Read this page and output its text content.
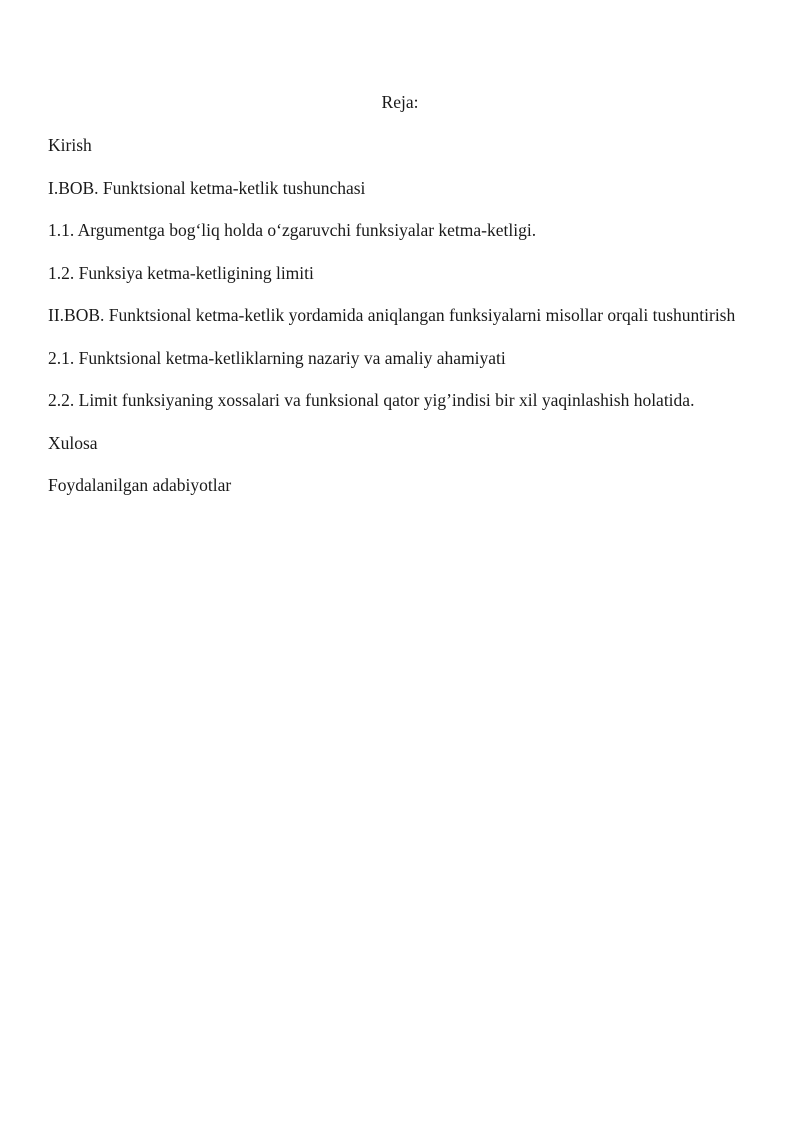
Reja:
Kirish
I.BOB. Funktsional ketma-ketlik tushunchasi
1.1. Argumentga bog‘liq holda o‘zgaruvchi funksiyalar ketma-ketligi.
1.2. Funksiya ketma-ketligining limiti
II.BOB. Funktsional ketma-ketlik yordamida aniqlangan funksiyalarni misollar orqali tushuntirish
2.1. Funktsional ketma-ketliklarning nazariy va amaliy ahamiyati
2.2. Limit funksiyaning xossalari va funksional qator yig’indisi bir xil yaqinlashish holatida.
Xulosa
Foydalanilgan adabiyotlar
